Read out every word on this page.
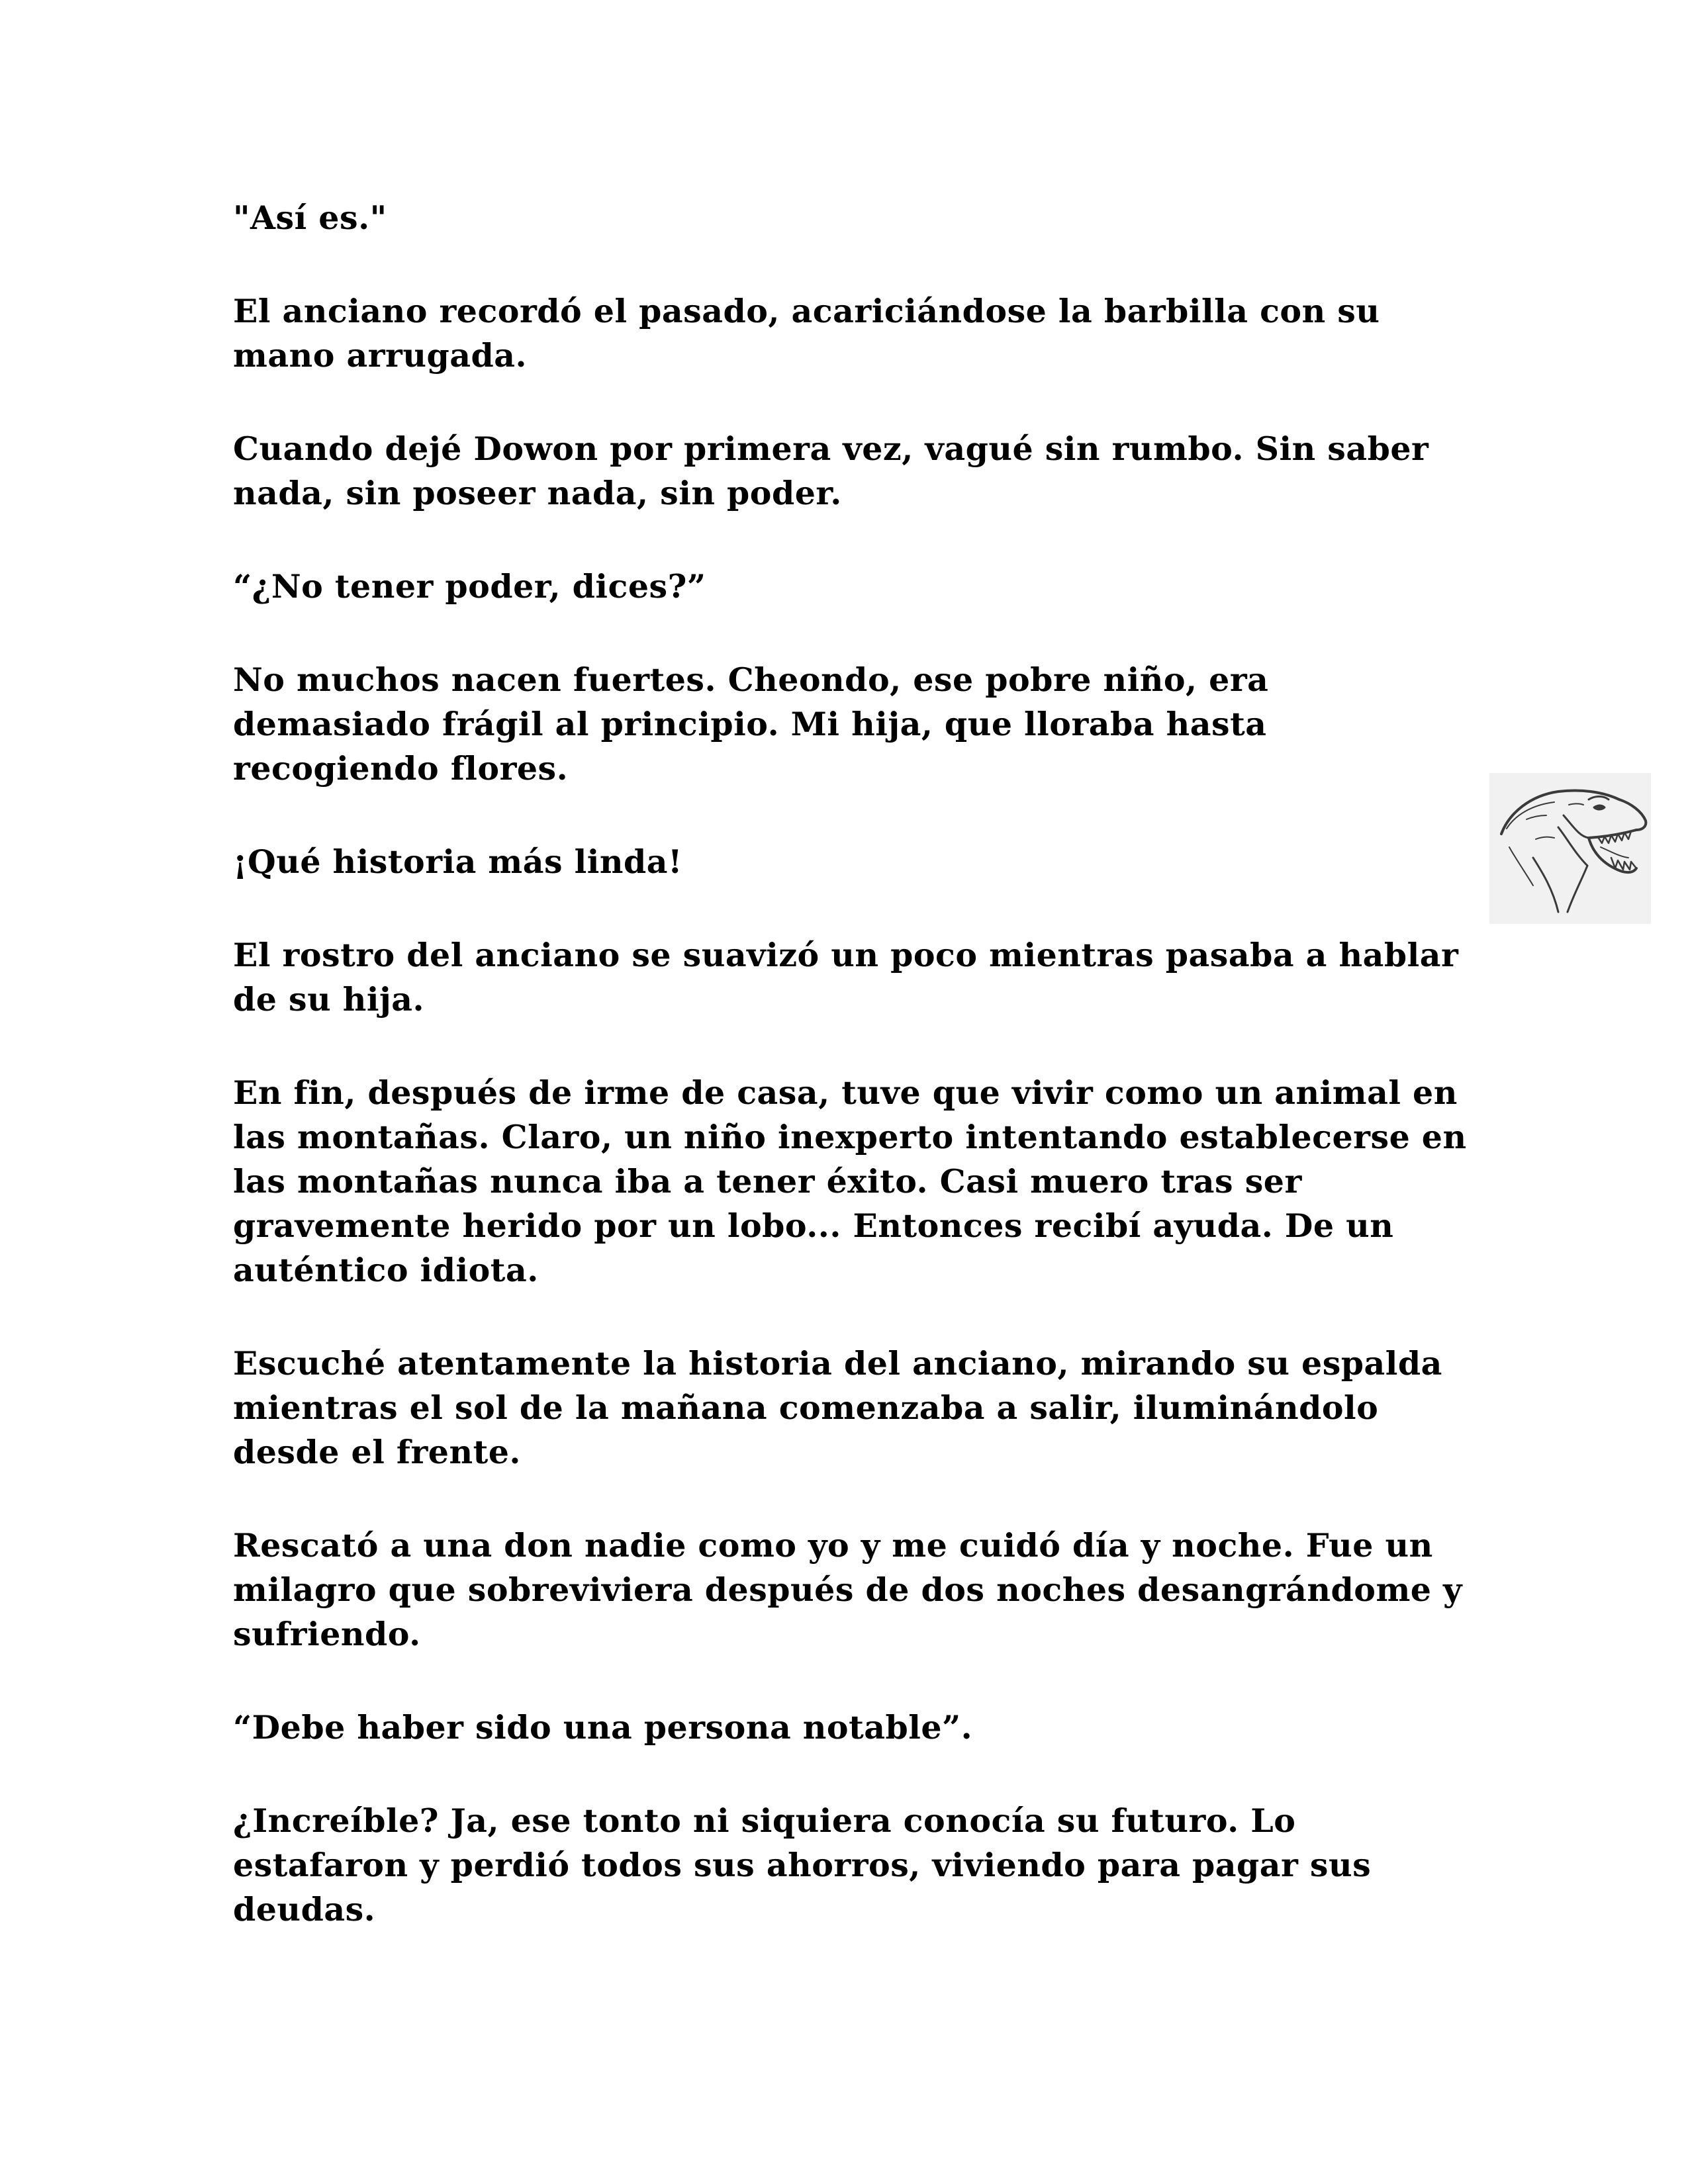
"Así es."

El anciano recordó el pasado, acariciándose la barbilla con su mano arrugada.

Cuando dejé Dowon por primera vez, vagué sin rumbo. Sin saber nada, sin poseer nada, sin poder.

“¿No tener poder, dices?”

No muchos nacen fuertes. Cheondo, ese pobre niño, era demasiado frágil al principio. Mi hija, que lloraba hasta recogiendo flores.

¡Qué historia más linda!

El rostro del anciano se suavizó un poco mientras pasaba a hablar de su hija.

En fin, después de irme de casa, tuve que vivir como un animal en las montañas. Claro, un niño inexperto intentando establecerse en las montañas nunca iba a tener éxito. Casi muero tras ser gravemente herido por un lobo... Entonces recibí ayuda. De un auténtico idiota.

Escuché atentamente la historia del anciano, mirando su espalda mientras el sol de la mañana comenzaba a salir, iluminándolo desde el frente.

Rescató a una don nadie como yo y me cuidó día y noche. Fue un milagro que sobreviviera después de dos noches desangrándome y sufriendo.

“Debe haber sido una persona notable”.

¿Increíble? Ja, ese tonto ni siquiera conocía su futuro. Lo estafaron y perdió todos sus ahorros, viviendo para pagar sus deudas.
